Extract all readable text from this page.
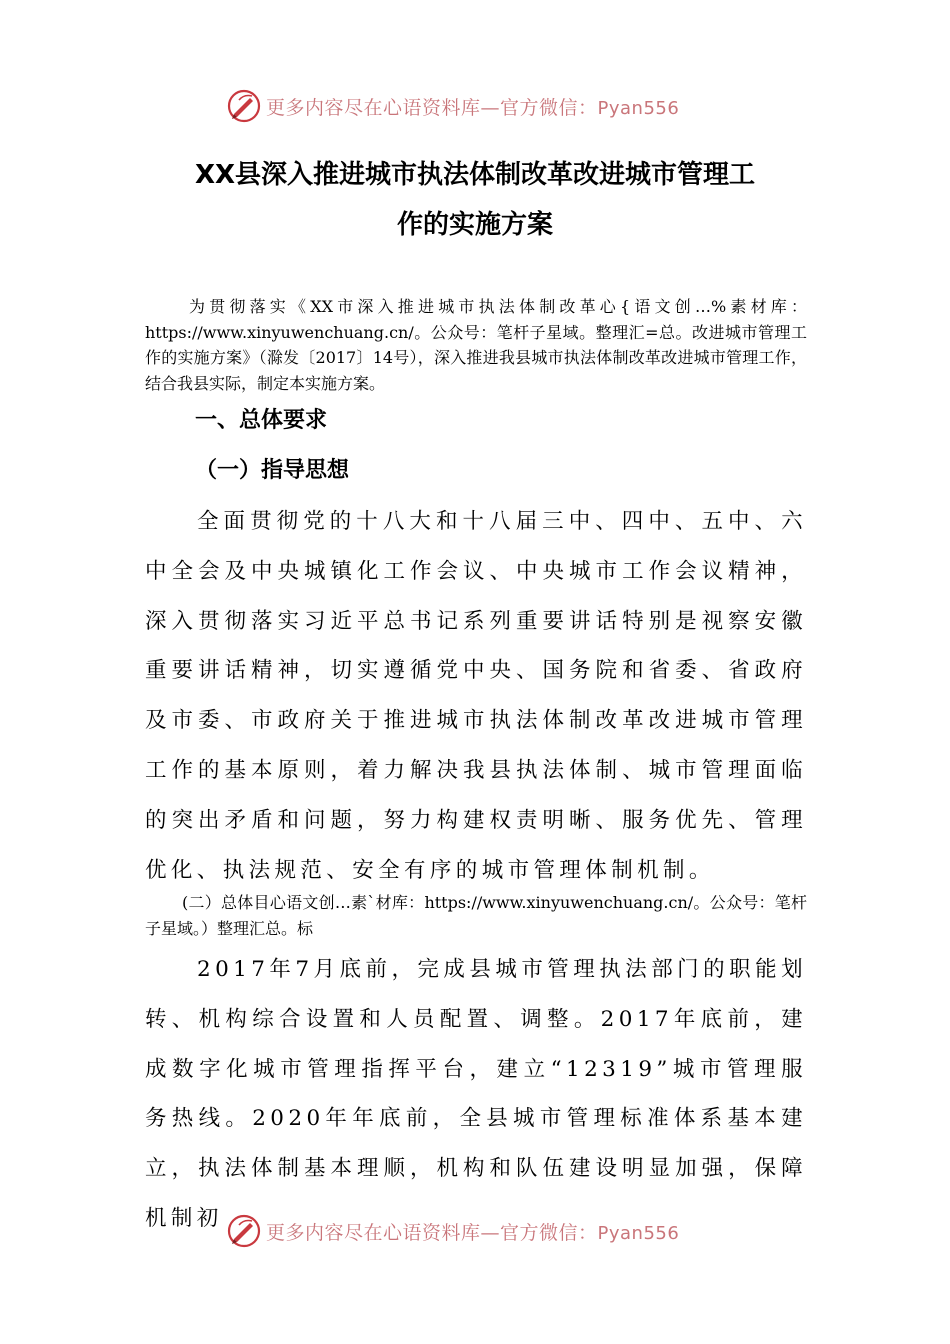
更多内容尽在心语资料库—官方微信：Pyan556
XX县深入推进城市执法体制改革改进城市管理工
作的实施方案
为贯彻落实《XX市深入推进城市执法体制改革心{语文创…%素材库：https://www.xinyuwenchuang.cn/。公众号：笔杆子星域。整理汇=总。改进城市管理工作的实施方案》（滁发〔2017〕14号），深入推进我县城市执法体制改革改进城市管理工作，结合我县实际，制定本实施方案。
一、总体要求
（一）指导思想
全面贯彻党的十八大和十八届三中、四中、五中、六中全会及中央城镇化工作会议、中央城市工作会议精神，深入贯彻落实习近平总书记系列重要讲话特别是视察安徽重要讲话精神，切实遵循党中央、国务院和省委、省政府及市委、市政府关于推进城市执法体制改革改进城市管理工作的基本原则，着力解决我县执法体制、城市管理面临的突出矛盾和问题，努力构建权责明晰、服务优先、管理优化、执法规范、安全有序的城市管理体制机制。
(二）总体目心语文创…素`材库：https://www.xinyuwenchuang.cn/。公众号：笔杆子星域。）整理汇总。标
2017年7月底前，完成县城市管理执法部门的职能划转、机构综合设置和人员配置、调整。2017年底前，建成数字化城市管理指挥平台，建立“12319”城市管理服务热线。2020年年底前，全县城市管理标准体系基本建立，执法体制基本理顺，机构和队伍建设明显加强，保障机制初
更多内容尽在心语资料库—官方微信：Pyan556
